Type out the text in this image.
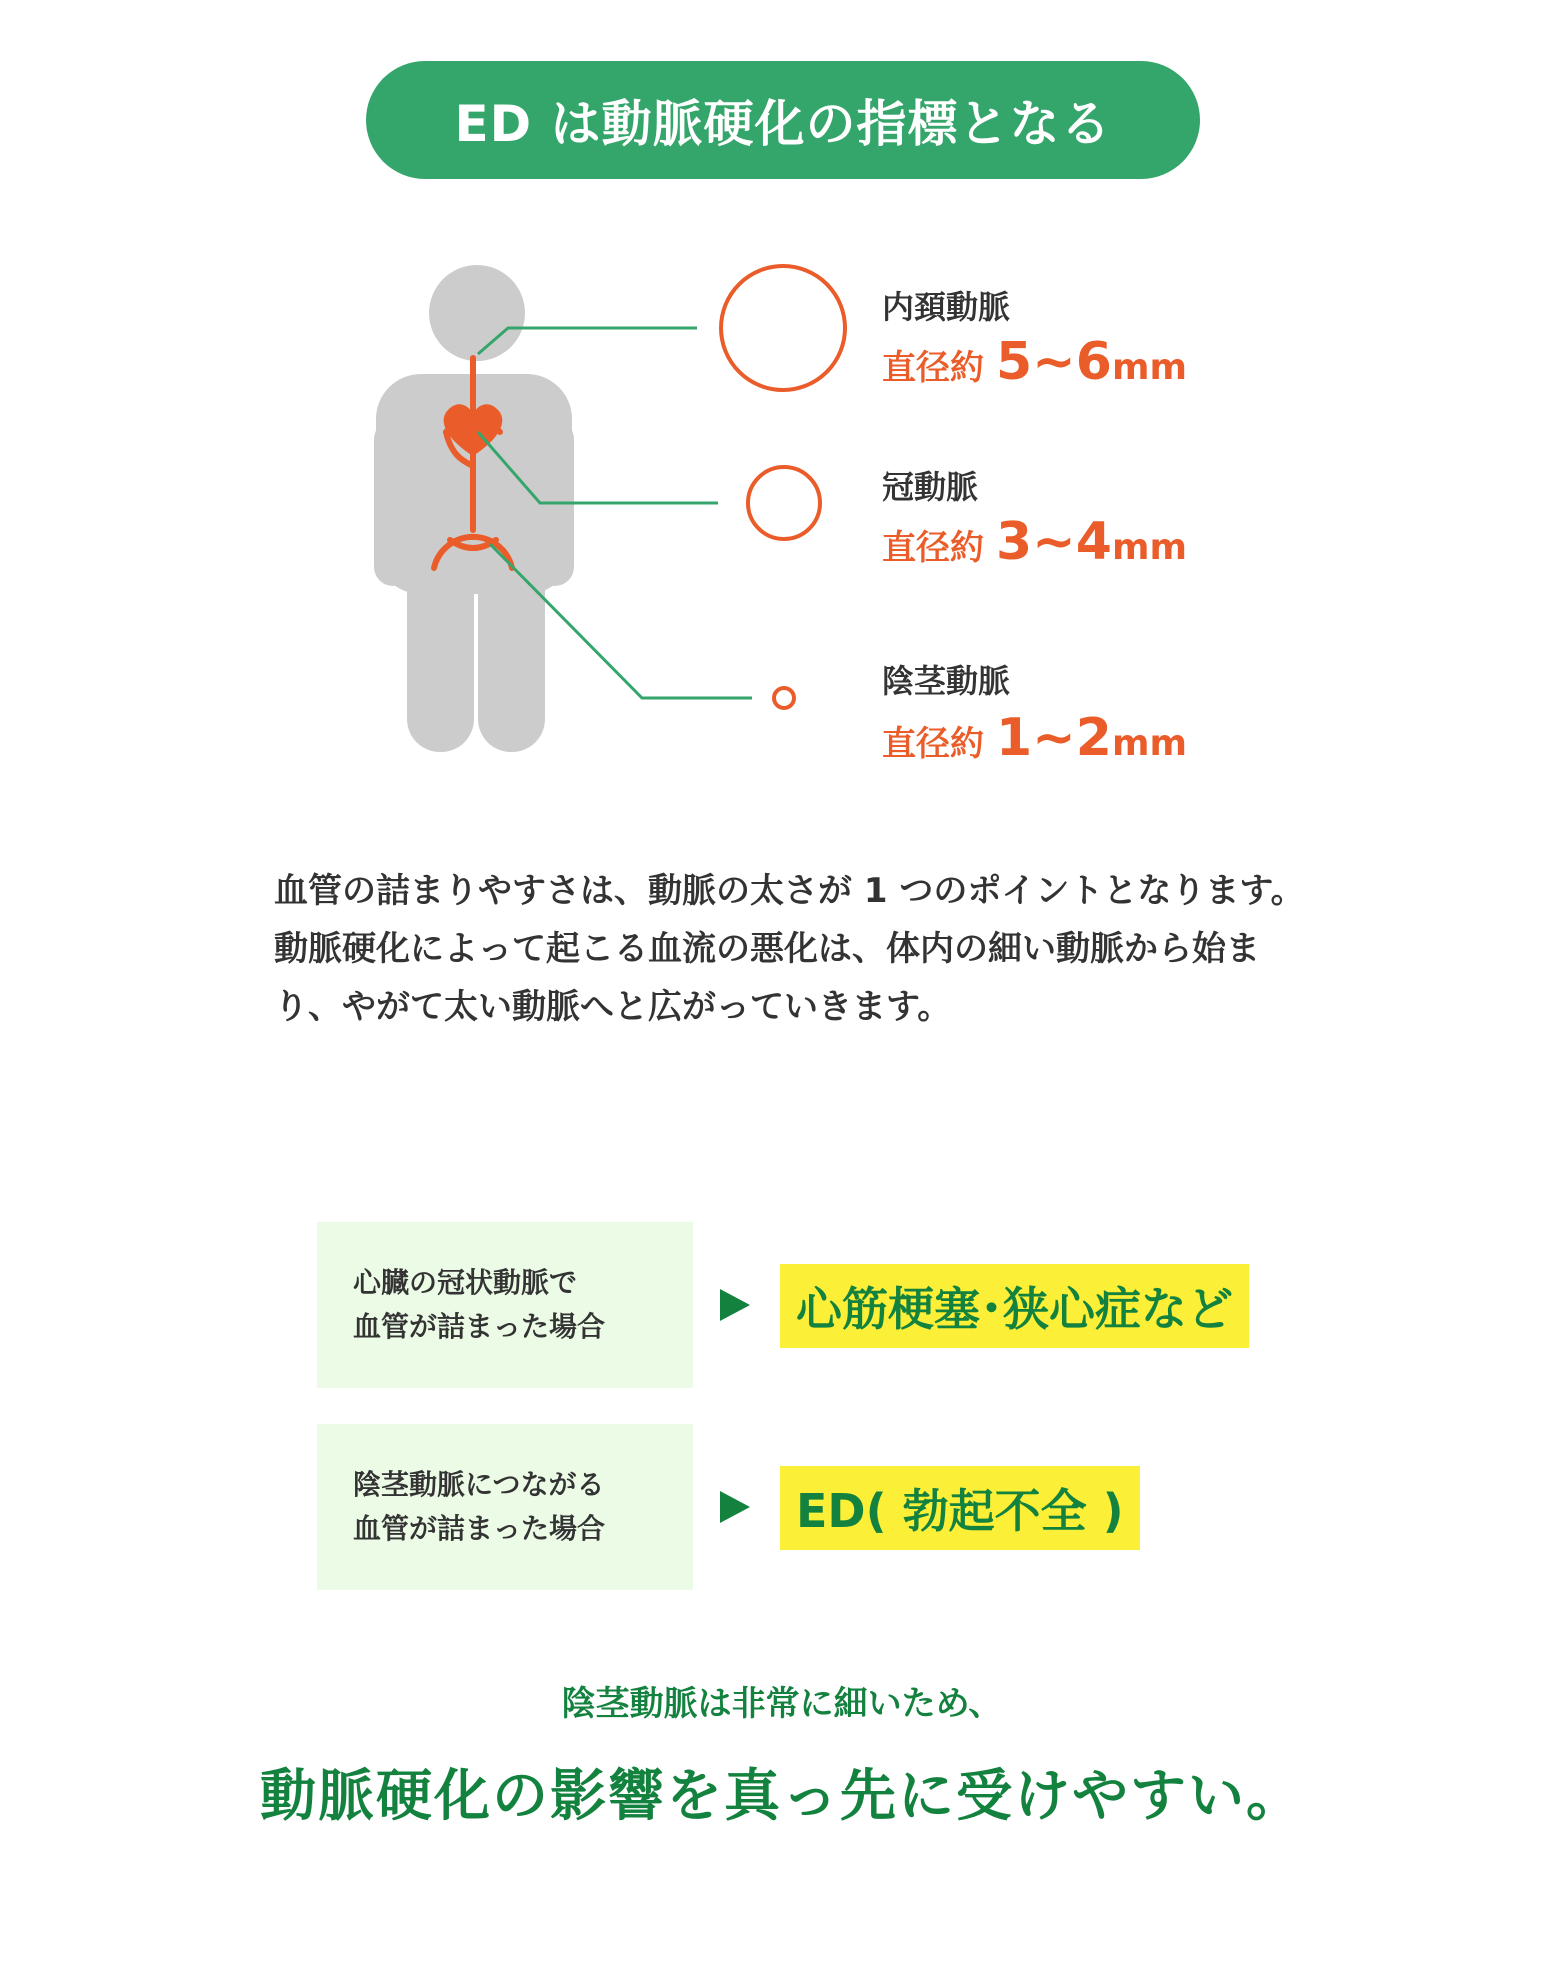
ED は動脈硬化の指標となる
内頚動脈
直径約 5~6mm
冠動脈
直径約 3~4mm
陰茎動脈
直径約 1~2mm

血管の詰まりやすさは、動脈の太さが 1 つのポイントとなります。

動脈硬化によって起こる血流の悪化は、体内の細い動脈から始まり、やがて太い動脈へと広がっていきます。

心臓の冠状動脈で
血管が詰まった場合	心筋梗塞･狭心症など
陰茎動脈につながる
血管が詰まった場合	ED( 勃起不全 )
陰茎動脈は非常に細いため、
動脈硬化の影響を真っ先に受けやすい。
